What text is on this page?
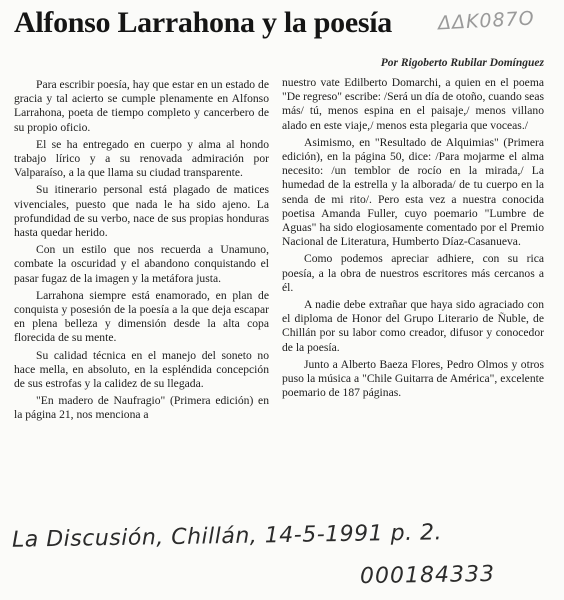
Alfonso Larrahona y la poesía ΔΔΚ087Ο
Por Rigoberto Rubilar Domínguez

Para escribir poesía, hay que estar en un estado de gracia y tal acierto se cumple plenamente en Alfonso Larrahona, poeta de tiempo completo y cancerbero de su propio oficio.

El se ha entregado en cuerpo y alma al hondo trabajo lírico y a su renovada admiración por Valparaíso, a la que llama su ciudad transparente.

Su itinerario personal está plagado de matices vivenciales, puesto que nada le ha sido ajeno. La profundidad de su verbo, nace de sus propias honduras hasta quedar herido.

Con un estilo que nos recuerda a Unamuno, combate la oscuridad y el abandono conquistando el pasar fugaz de la imagen y la metáfora justa.

Larrahona siempre está enamorado, en plan de conquista y posesión de la poesía a la que deja escapar en plena belleza y dimensión desde la alta copa florecida de su mente.

Su calidad técnica en el manejo del soneto no hace mella, en absoluto, en la espléndida concepción de sus estrofas y la calidez de su llegada.

"En madero de Naufragio" (Primera edición) en la página 21, nos menciona a

nuestro vate Edilberto Domarchi, a quien en el poema "De regreso" escribe: /Será un día de otoño, cuando seas más/ tú, menos espina en el paisaje,/ menos villano alado en este viaje,/ menos esta plegaria que voceas./

Asimismo, en "Resultado de Alquimias" (Primera edición), en la página 50, dice: /Para mojarme el alma necesito: /un temblor de rocío en la mirada,/ La humedad de la estrella y la alborada/ de tu cuerpo en la senda de mi rito/. Pero esta vez a nuestra conocida poetisa Amanda Fuller, cuyo poemario "Lumbre de Aguas" ha sido elogiosamente comentado por el Premio Nacional de Literatura, Humberto Díaz-Casanueva.

Como podemos apreciar adhiere, con su rica poesía, a la obra de nuestros escritores más cercanos a él.

A nadie debe extrañar que haya sido agraciado con el diploma de Honor del Grupo Literario de Ñuble, de Chillán por su labor como creador, difusor y conocedor de la poesía.

Junto a Alberto Baeza Flores, Pedro Olmos y otros puso la música a "Chile Guitarra de América", excelente poemario de 187 páginas.

La Discusión, Chillán, 14-5-1991 p. 2.
000184333
